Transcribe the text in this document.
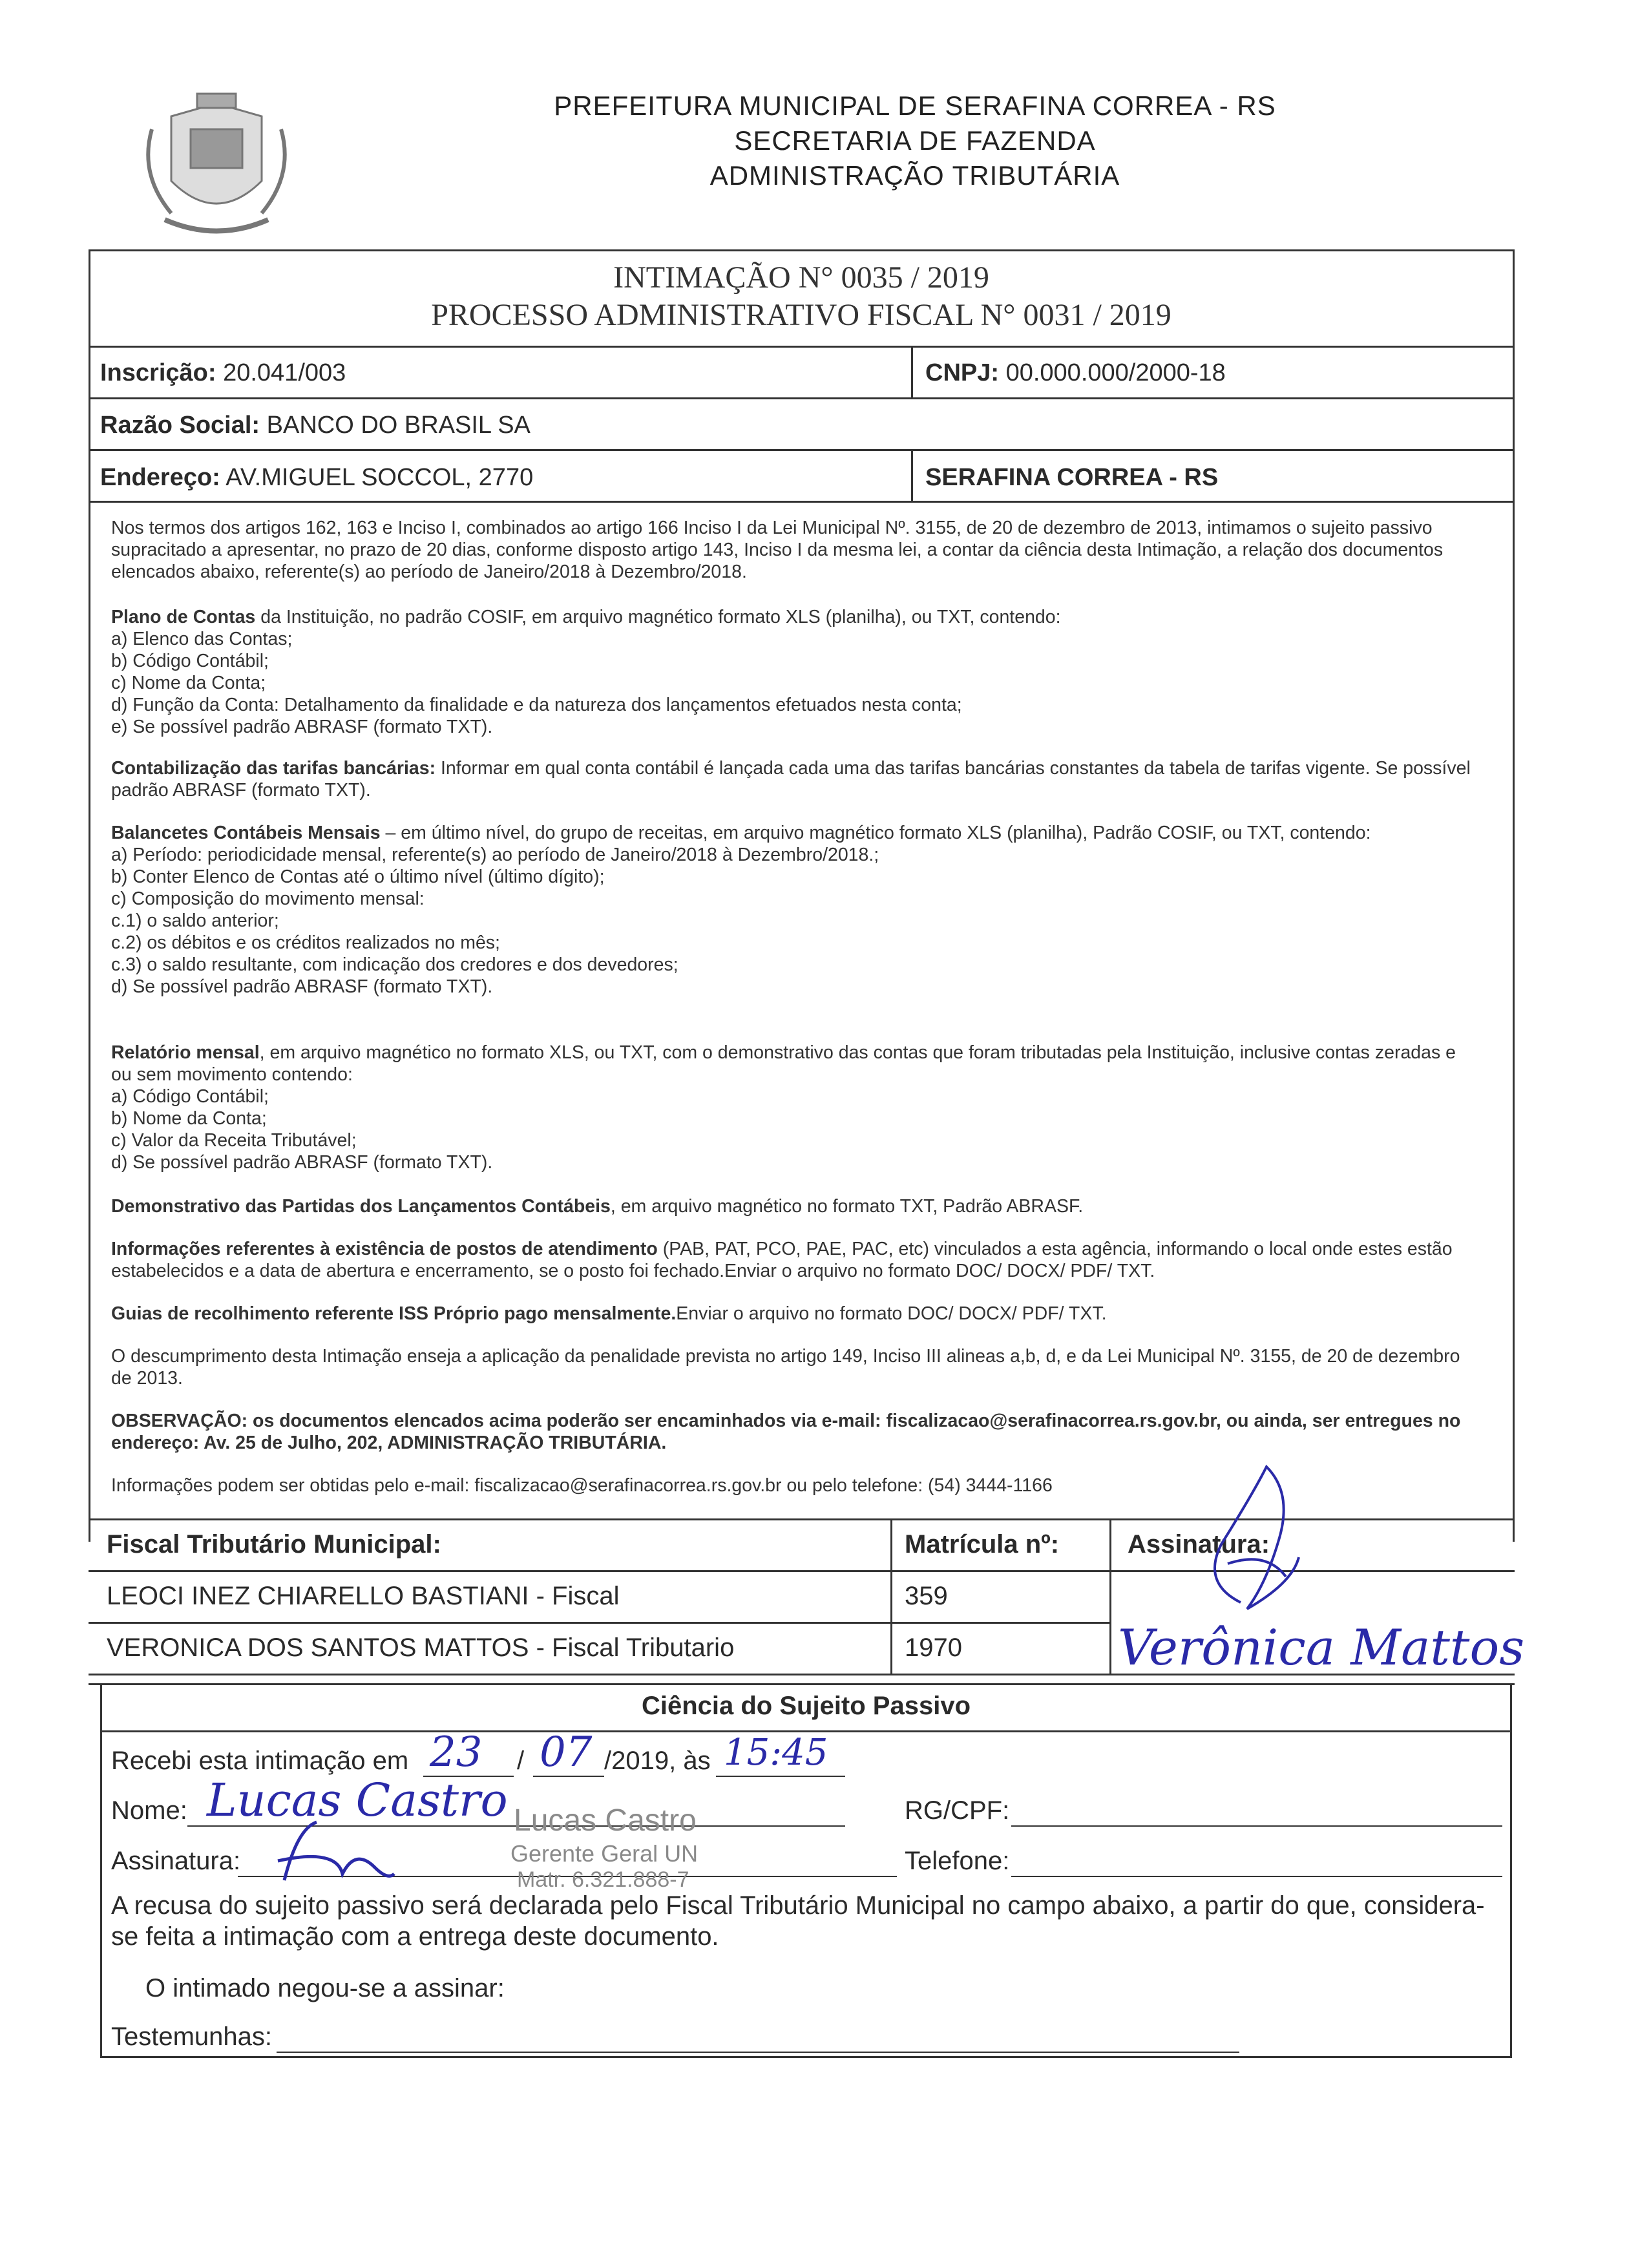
PREFEITURA MUNICIPAL DE SERAFINA CORREA - RS
SECRETARIA DE FAZENDA
ADMINISTRAÇÃO TRIBUTÁRIA
INTIMAÇÃO N° 0035 / 2019
PROCESSO ADMINISTRATIVO FISCAL N° 0031 / 2019
Inscrição: 20.041/003	CNPJ: 00.000.000/2000-18
Razão Social: BANCO DO BRASIL SA
Endereço: AV.MIGUEL SOCCOL, 2770	SERAFINA CORREA - RS

Nos termos dos artigos 162, 163 e Inciso I, combinados ao artigo 166 Inciso I da Lei Municipal Nº. 3155, de 20 de dezembro de 2013, intimamos o sujeito passivo supracitado a apresentar, no prazo de 20 dias, conforme disposto artigo 143, Inciso I da mesma lei, a contar da ciência desta Intimação, a relação dos documentos elencados abaixo, referente(s) ao período de Janeiro/2018 à Dezembro/2018.

Plano de Contas da Instituição, no padrão COSIF, em arquivo magnético formato XLS (planilha), ou TXT, contendo:

a) Elenco das Contas;

b) Código Contábil;

c) Nome da Conta;

d) Função da Conta: Detalhamento da finalidade e da natureza dos lançamentos efetuados nesta conta;

e) Se possível padrão ABRASF (formato TXT).

Contabilização das tarifas bancárias: Informar em qual conta contábil é lançada cada uma das tarifas bancárias constantes da tabela de tarifas vigente. Se possível padrão ABRASF (formato TXT).

Balancetes Contábeis Mensais – em último nível, do grupo de receitas, em arquivo magnético formato XLS (planilha), Padrão COSIF, ou TXT, contendo:

a) Período: periodicidade mensal, referente(s) ao período de Janeiro/2018 à Dezembro/2018.;

b) Conter Elenco de Contas até o último nível (último dígito);

c) Composição do movimento mensal:

c.1) o saldo anterior;

c.2) os débitos e os créditos realizados no mês;

c.3) o saldo resultante, com indicação dos credores e dos devedores;

d) Se possível padrão ABRASF (formato TXT).

Relatório mensal, em arquivo magnético no formato XLS, ou TXT, com o demonstrativo das contas que foram tributadas pela Instituição, inclusive contas zeradas e ou sem movimento contendo:

a) Código Contábil;

b) Nome da Conta;

c) Valor da Receita Tributável;

d) Se possível padrão ABRASF (formato TXT).

Demonstrativo das Partidas dos Lançamentos Contábeis, em arquivo magnético no formato TXT, Padrão ABRASF.

Informações referentes à existência de postos de atendimento (PAB, PAT, PCO, PAE, PAC, etc) vinculados a esta agência, informando o local onde estes estão estabelecidos e a data de abertura e encerramento, se o posto foi fechado.Enviar o arquivo no formato DOC/ DOCX/ PDF/ TXT.

Guias de recolhimento referente ISS Próprio pago mensalmente.Enviar o arquivo no formato DOC/ DOCX/ PDF/ TXT.

O descumprimento desta Intimação enseja a aplicação da penalidade prevista no artigo 149, Inciso III alineas a,b, d, e da Lei Municipal Nº. 3155, de 20 de dezembro de 2013.

OBSERVAÇÃO: os documentos elencados acima poderão ser encaminhados via e-mail: fiscalizacao@serafinacorrea.rs.gov.br, ou ainda, ser entregues no endereço: Av. 25 de Julho, 202, ADMINISTRAÇÃO TRIBUTÁRIA.

Informações podem ser obtidas pelo e-mail: fiscalizacao@serafinacorrea.rs.gov.br ou pelo telefone: (54) 3444-1166

Fiscal Tributário Municipal:	Matrícula nº:	Assinatura:
LEOCI INEZ CHIARELLO BASTIANI - Fiscal	359
VERONICA DOS SANTOS MATTOS - Fiscal Tributario	1970	Verônica Mattos
Ciência do Sujeito Passivo
Recebi esta intimação em 23 / 07 /2019, às 15:45
Nome: Lucas Castro	RG/CPF:
Assinatura:	Telefone:
Lucas Castro
Gerente Geral UN
Matr. 6.321.888-7
A recusa do sujeito passivo será declarada pelo Fiscal Tributário Municipal no campo abaixo, a partir do que, considera-se feita a intimação com a entrega deste documento.
O intimado negou-se a assinar:
Testemunhas:
